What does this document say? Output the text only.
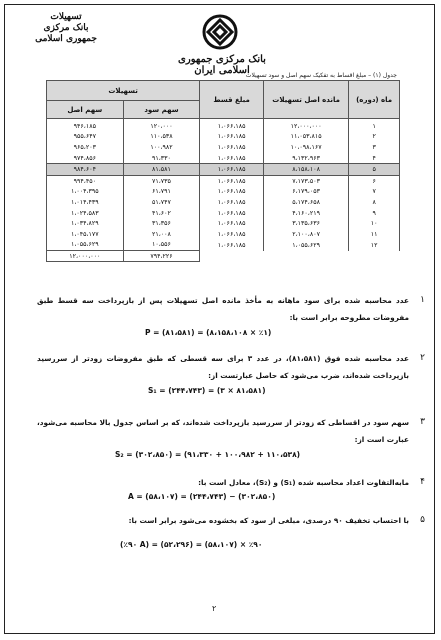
تسهیلات
بانک مرکزی
جمهوری اسلامی
بانک مرکزی جمهوری اسلامی ایران
جدول (۱) – مبلغ اقساط به تفکیک سهم اصل و سود تسهیلات
ماه (دوره)	مانده اصل تسهیلات	مبلغ قسط	تسهیلات	
			سهم سود	سهم اصل
۱	۱۲،۰۰۰،۰۰۰	۱،۰۶۶،۱۸۵	۱۲۰،۰۰۰	۹۴۶،۱۸۵
۲	۱۱،۰۵۳،۸۱۵	۱،۰۶۶،۱۸۵	۱۱۰،۵۳۸	۹۵۵،۶۴۷
۳	۱۰،۰۹۸،۱۶۷	۱،۰۶۶،۱۸۵	۱۰۰،۹۸۲	۹۶۵،۲۰۳
۴	۹،۱۳۲،۹۶۳	۱،۰۶۶،۱۸۵	۹۱،۳۳۰	۹۷۴،۸۵۶
۵	۸،۱۵۸،۱۰۸	۱،۰۶۶،۱۸۵	۸۱،۵۸۱	۹۸۴،۶۰۴
۶	۷،۱۷۳،۵۰۳	۱،۰۶۶،۱۸۵	۷۱،۷۳۵	۹۹۴،۴۵۰
۷	۶،۱۷۹،۰۵۳	۱،۰۶۶،۱۸۵	۶۱،۷۹۱	۱،۰۰۴،۳۹۵
۸	۵،۱۷۴،۶۵۸	۱،۰۶۶،۱۸۵	۵۱،۷۴۷	۱،۰۱۴،۴۳۹
۹	۴،۱۶۰،۲۱۹	۱،۰۶۶،۱۸۵	۴۱،۶۰۲	۱،۰۲۴،۵۸۳
۱۰	۳،۱۳۵،۶۳۶	۱،۰۶۶،۱۸۵	۳۱،۳۵۶	۱،۰۳۴،۸۲۹
۱۱	۲،۱۰۰،۸۰۷	۱،۰۶۶،۱۸۵	۲۱،۰۰۸	۱،۰۴۵،۱۷۷
۱۲	۱،۰۵۵،۶۲۹	۱،۰۶۶،۱۸۵	۱۰،۵۵۶	۱،۰۵۵،۶۲۹
			۷۹۴،۲۲۶	۱۲،۰۰۰،۰۰۰
۱
عدد محاسبه شده برای سود ماهانه به مأخذ مانده اصل تسهیلات پس از بازپرداخت سه قسط طبق مفروضات مطروحه برابر است با:
P = (۸۱،۵۸۱) = (۸،۱۵۸،۱۰۸ × ٪۱)
۲
عدد محاسبه شده فوق (۸۱،۵۸۱)، در عدد ۳ برای سه قسطی که طبق مفروضات زودتر از سررسید بازپرداخت شده‌اند، ضرب می‌شود که حاصل عبارتست از:
S₁ = (۲۴۴،۷۴۳) = (۳ × ۸۱،۵۸۱)
۳
سهم سود در اقساطی که زودتر از سررسید بازپرداخت شده‌اند، که بر اساس جدول بالا محاسبه می‌شود، عبارت است از:
S₂ = (۳۰۲،۸۵۰) = (۹۱،۳۳۰ + ۱۰۰،۹۸۲ + ۱۱۰،۵۳۸)
۴
مابه‌التفاوت اعداد محاسبه شده (S₁) و (S₂)، معادل است با:
A = (۵۸،۱۰۷) = (۲۴۴،۷۴۳) − (۳۰۲،۸۵۰)
۵
با احتساب تخفیف ۹۰ درصدی، مبلغی از سود که بخشوده می‌شود برابر است با:
(٪۹۰ A) = (۵۲،۲۹۶) = (۵۸،۱۰۷) × ٪۹۰
۲
